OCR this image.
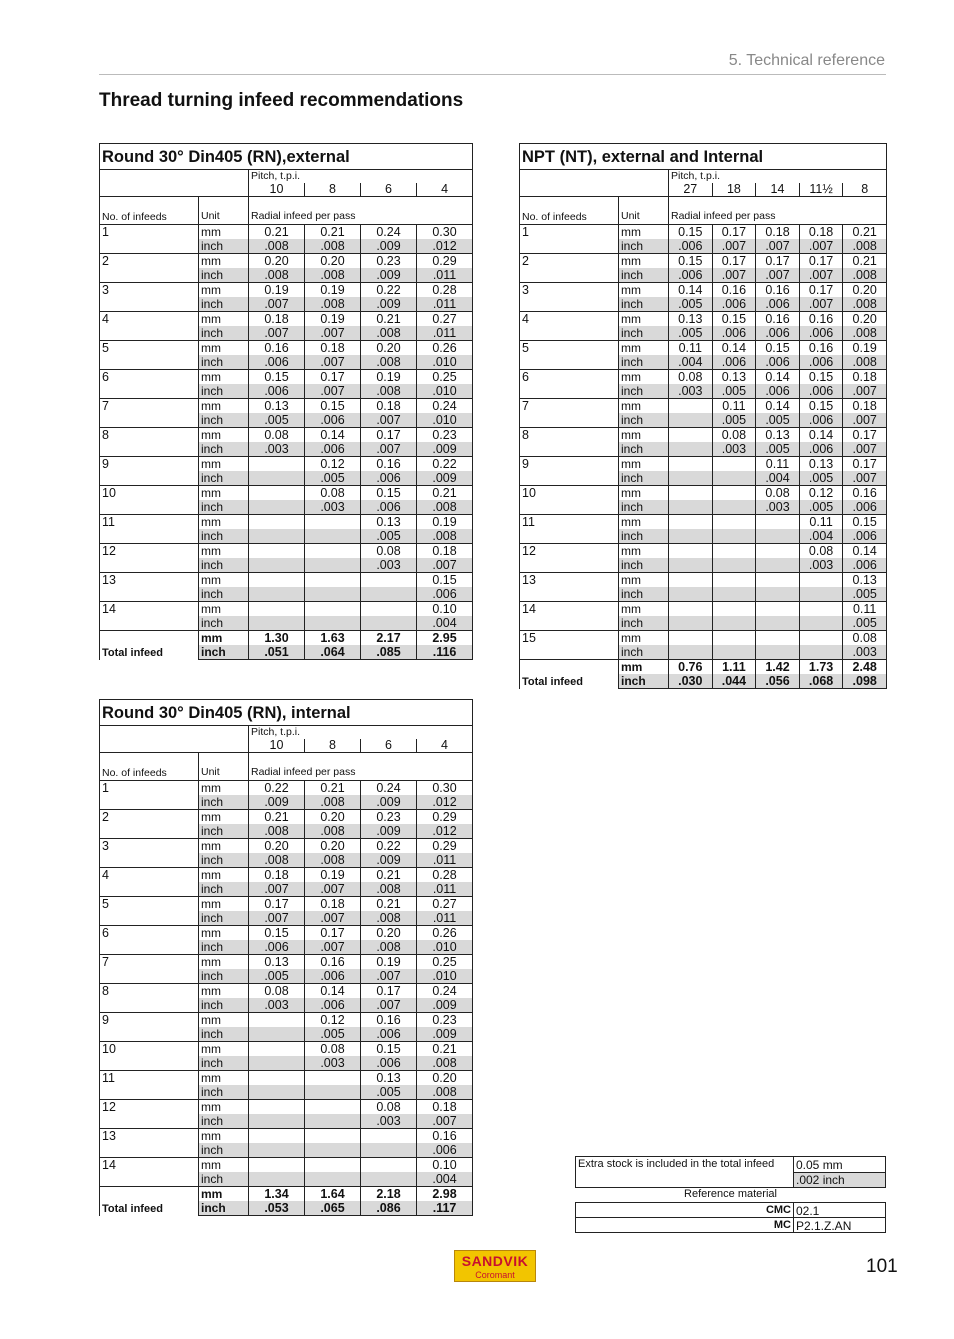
5. Technical reference
Thread turning infeed recommendations
Round 30° Din405 (RN),external					
		Pitch, t.p.i.			
		10	8	6	4
No. of infeeds	Unit	Radial infeed per pass			
1	mm	0.21	0.21	0.24	0.30
	inch	.008	.008	.009	.012
2	mm	0.20	0.20	0.23	0.29
	inch	.008	.008	.009	.011
3	mm	0.19	0.19	0.22	0.28
	inch	.007	.008	.009	.011
4	mm	0.18	0.19	0.21	0.27
	inch	.007	.007	.008	.011
5	mm	0.16	0.18	0.20	0.26
	inch	.006	.007	.008	.010
6	mm	0.15	0.17	0.19	0.25
	inch	.006	.007	.008	.010
7	mm	0.13	0.15	0.18	0.24
	inch	.005	.006	.007	.010
8	mm	0.08	0.14	0.17	0.23
	inch	.003	.006	.007	.009
9	mm		0.12	0.16	0.22
	inch		.005	.006	.009
10	mm		0.08	0.15	0.21
	inch		.003	.006	.008
11	mm			0.13	0.19
	inch			.005	.008
12	mm			0.08	0.18
	inch			.003	.007
13	mm				0.15
	inch				.006
14	mm				0.10
	inch				.004
Total infeed	mm	1.30	1.63	2.17	2.95
	inch	.051	.064	.085	.116
Round 30° Din405 (RN), internal					
		Pitch, t.p.i.			
		10	8	6	4
No. of infeeds	Unit	Radial infeed per pass			
1	mm	0.22	0.21	0.24	0.30
	inch	.009	.008	.009	.012
2	mm	0.21	0.20	0.23	0.29
	inch	.008	.008	.009	.012
3	mm	0.20	0.20	0.22	0.29
	inch	.008	.008	.009	.011
4	mm	0.18	0.19	0.21	0.28
	inch	.007	.007	.008	.011
5	mm	0.17	0.18	0.21	0.27
	inch	.007	.007	.008	.011
6	mm	0.15	0.17	0.20	0.26
	inch	.006	.007	.008	.010
7	mm	0.13	0.16	0.19	0.25
	inch	.005	.006	.007	.010
8	mm	0.08	0.14	0.17	0.24
	inch	.003	.006	.007	.009
9	mm		0.12	0.16	0.23
	inch		.005	.006	.009
10	mm		0.08	0.15	0.21
	inch		.003	.006	.008
11	mm			0.13	0.20
	inch			.005	.008
12	mm			0.08	0.18
	inch			.003	.007
13	mm				0.16
	inch				.006
14	mm				0.10
	inch				.004
Total infeed	mm	1.34	1.64	2.18	2.98
	inch	.053	.065	.086	.117
NPT (NT), external and Internal						
		Pitch, t.p.i.				
		27	18	14	11½	8
No. of infeeds	Unit	Radial infeed per pass				
1	mm	0.15	0.17	0.18	0.18	0.21
	inch	.006	.007	.007	.007	.008
2	mm	0.15	0.17	0.17	0.17	0.21
	inch	.006	.007	.007	.007	.008
3	mm	0.14	0.16	0.16	0.17	0.20
	inch	.005	.006	.006	.007	.008
4	mm	0.13	0.15	0.16	0.16	0.20
	inch	.005	.006	.006	.006	.008
5	mm	0.11	0.14	0.15	0.16	0.19
	inch	.004	.006	.006	.006	.008
6	mm	0.08	0.13	0.14	0.15	0.18
	inch	.003	.005	.006	.006	.007
7	mm		0.11	0.14	0.15	0.18
	inch		.005	.005	.006	.007
8	mm		0.08	0.13	0.14	0.17
	inch		.003	.005	.006	.007
9	mm			0.11	0.13	0.17
	inch			.004	.005	.007
10	mm			0.08	0.12	0.16
	inch			.003	.005	.006
11	mm				0.11	0.15
	inch				.004	.006
12	mm				0.08	0.14
	inch				.003	.006
13	mm					0.13
	inch					.005
14	mm					0.11
	inch					.005
15	mm					0.08
	inch					.003
Total infeed	mm	0.76	1.11	1.42	1.73	2.48
	inch	.030	.044	.056	.068	.098
Extra stock is included in the total infeed 0.05 mm
.002 inch
Reference material
CMC 02.1
MC P2.1.Z.AN
SANDVIK
Coromant	101
